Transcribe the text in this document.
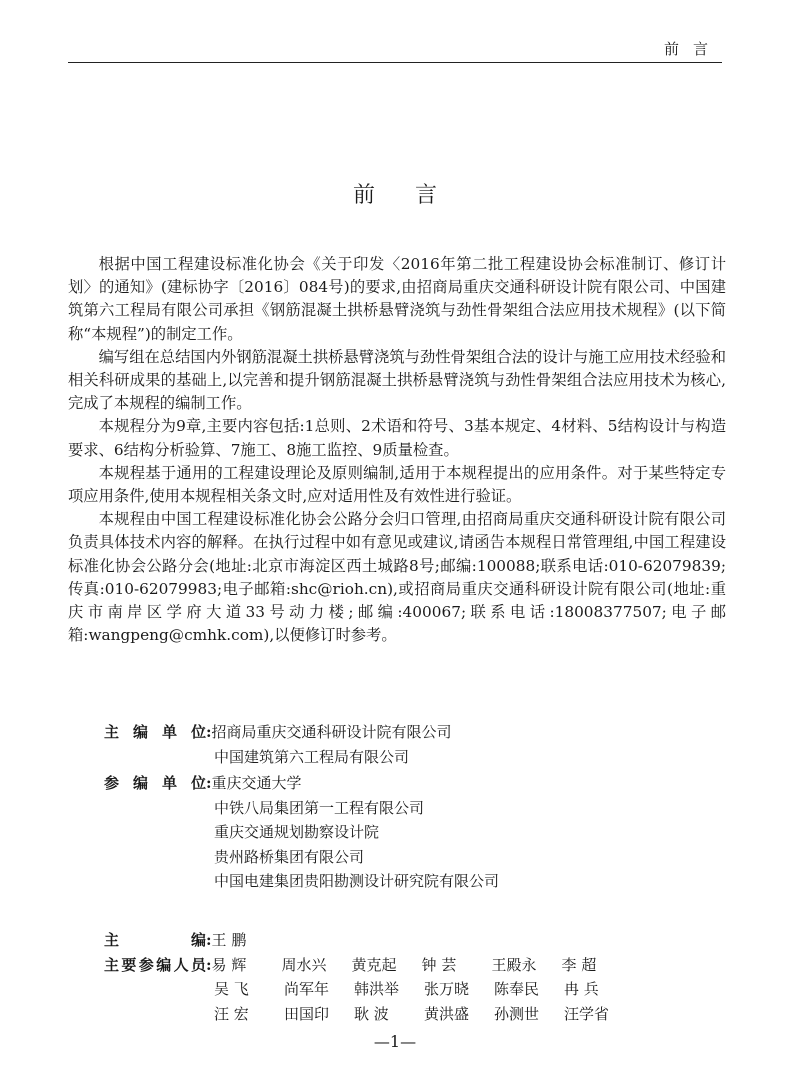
前言
前言

根据中国工程建设标准化协会《关于印发〈2016年第二批工程建设协会标准制订、修订计划〉的通知》(建标协字〔2016〕084号)的要求,由招商局重庆交通科研设计院有限公司、中国建筑第六工程局有限公司承担《钢筋混凝土拱桥悬臂浇筑与劲性骨架组合法应用技术规程》(以下简称“本规程”)的制定工作。

编写组在总结国内外钢筋混凝土拱桥悬臂浇筑与劲性骨架组合法的设计与施工应用技术经验和相关科研成果的基础上,以完善和提升钢筋混凝土拱桥悬臂浇筑与劲性骨架组合法应用技术为核心,完成了本规程的编制工作。

本规程分为9章,主要内容包括:1总则、2术语和符号、3基本规定、4材料、5结构设计与构造要求、6结构分析验算、7施工、8施工监控、9质量检查。

本规程基于通用的工程建设理论及原则编制,适用于本规程提出的应用条件。对于某些特定专项应用条件,使用本规程相关条文时,应对适用性及有效性进行验证。

本规程由中国工程建设标准化协会公路分会归口管理,由招商局重庆交通科研设计院有限公司负责具体技术内容的解释。在执行过程中如有意见或建议,请函告本规程日常管理组,中国工程建设标准化协会公路分会(地址:北京市海淀区西土城路8号;邮编:100088;联系电话:010-62079839;传真:010-62079983;电子邮箱:shc@rioh.cn),或招商局重庆交通科研设计院有限公司(地址:重庆市南岸区学府大道33号动力楼;邮编:400067;联系电话:18008377507;电子邮箱:wangpeng@cmhk.com),以便修订时参考。

主编单位 : 招商局重庆交通科研设计院有限公司
中国建筑第六工程局有限公司
参编单位 : 重庆交通大学
中铁八局集团第一工程有限公司
重庆交通规划勘察设计院
贵州路桥集团有限公司
中国电建集团贵阳勘测设计研究院有限公司
主编 : 王 鹏
主要参编人员 : 易 辉	周水兴	黄克起	钟 芸	王殿永	李 超
吴 飞	尚军年	韩洪举	张万晓	陈奉民	冉 兵
汪 宏	田国印	耿 波	黄洪盛	孙测世	汪学省
—1—
